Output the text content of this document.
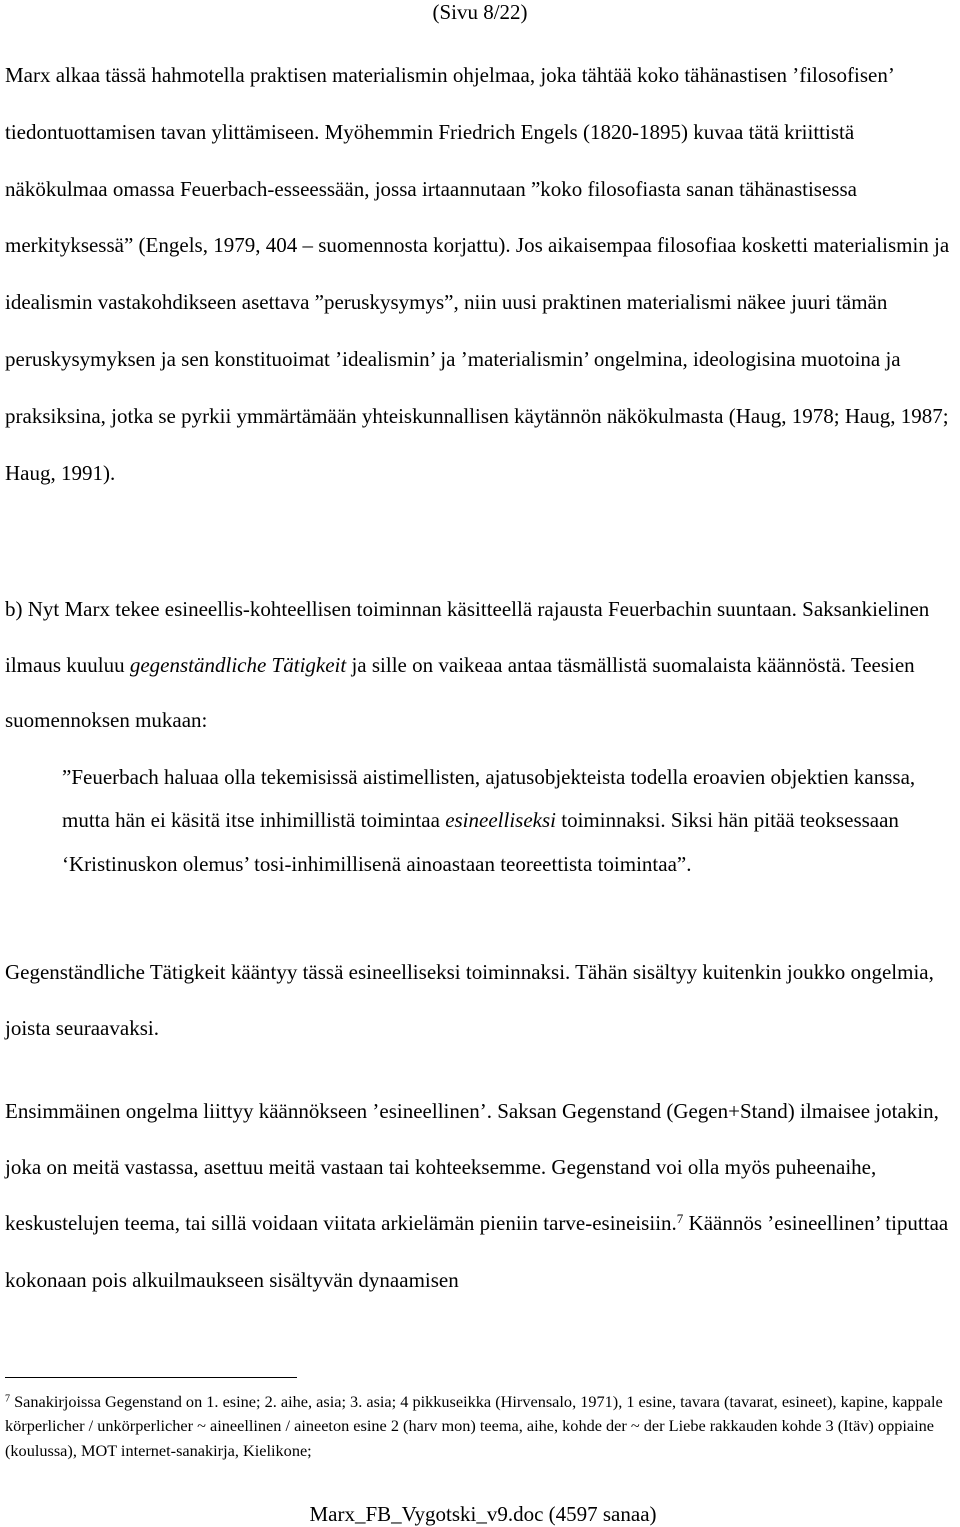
(Sivu 8/22)

Marx alkaa tässä hahmotella praktisen materialismin ohjelmaa, joka tähtää koko tähänastisen ’filosofisen’ tiedontuottamisen tavan ylittämiseen. Myöhemmin Friedrich Engels (1820-1895) kuvaa tätä kriittistä näkökulmaa omassa Feuerbach-esseessään, jossa irtaannutaan ”koko filosofiasta sanan tähänastisessa merkityksessä” (Engels, 1979, 404 – suomennosta korjattu). Jos aikaisempaa filosofiaa kosketti materialismin ja idealismin vastakohdikseen asettava ”peruskysymys”, niin uusi praktinen materialismi näkee juuri tämän peruskysymyksen ja sen konstituoimat ’idealismin’ ja ’materialismin’ ongelmina, ideologisina muotoina ja praksiksina, jotka se pyrkii ymmärtämään yhteiskunnallisen käytännön näkökulmasta (Haug, 1978; Haug, 1987; Haug, 1991).

b) Nyt Marx tekee esineellis-kohteellisen toiminnan käsitteellä rajausta Feuerbachin suuntaan. Saksankielinen ilmaus kuuluu gegenständliche Tätigkeit ja sille on vaikeaa antaa täsmällistä suomalaista käännöstä. Teesien suomennoksen mukaan:

”Feuerbach haluaa olla tekemisissä aistimellisten, ajatusobjekteista todella eroavien objektien kanssa, mutta hän ei käsitä itse inhimillistä toimintaa esineelliseksi toiminnaksi. Siksi hän pitää teoksessaan ‘Kristinuskon olemus’ tosi-inhimillisenä ainoastaan teoreettista toimintaa”.

Gegenständliche Tätigkeit kääntyy tässä esineelliseksi toiminnaksi. Tähän sisältyy kuitenkin joukko ongelmia, joista seuraavaksi.

Ensimmäinen ongelma liittyy käännökseen ’esineellinen’. Saksan Gegenstand (Gegen+Stand) ilmaisee jotakin, joka on meitä vastassa, asettuu meitä vastaan tai kohteeksemme. Gegenstand voi olla myös puheenaihe, keskustelujen teema, tai sillä voidaan viitata arkielämän pieniin tarve-esineisiin.$^7$ Käännös ’esineellinen’ tiputtaa kokonaan pois alkuilmaukseen sisältyvän dynaamisen

$^7$ Sanakirjoissa Gegenstand on 1. esine; 2. aihe, asia; 3. asia; 4 pikkuseikka (Hirvensalo, 1971), 1 esine, tavara (tavarat, esineet), kapine, kappale körperlicher / unkörperlicher ~ aineellinen / aineeton esine 2 (harv mon) teema, aihe, kohde der ~ der Liebe rakkauden kohde 3 (Itäv) oppiaine (koulussa), MOT internet-sanakirja, Kielikone;

Marx_FB_Vygotski_v9.doc (4597 sanaa)
